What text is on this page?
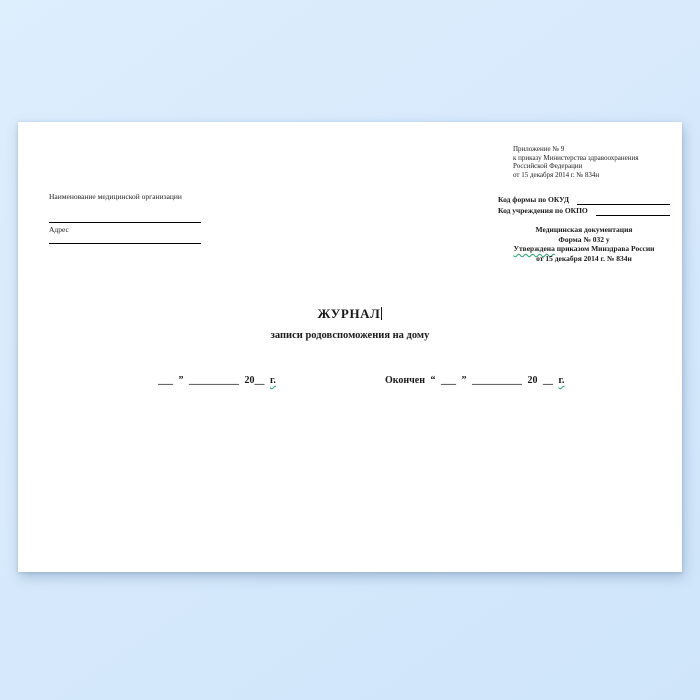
Приложение № 9
к приказу Министерства здравоохранения
Российской Федерации
от 15 декабря 2014 г. № 834н
Наименование медицинской организации
Адрес
Код формы по ОКУД
Код учреждения по ОКПО
Медицинская документация
Форма № 032 у
Утверждена приказом Минздрава России
от 15 декабря 2014 г. № 834н
ЖУРНАЛ
записи родовспоможения на дому
___ ” __________ 20__ г.	Окончен “ ___ ” __________ 20 __ г.
